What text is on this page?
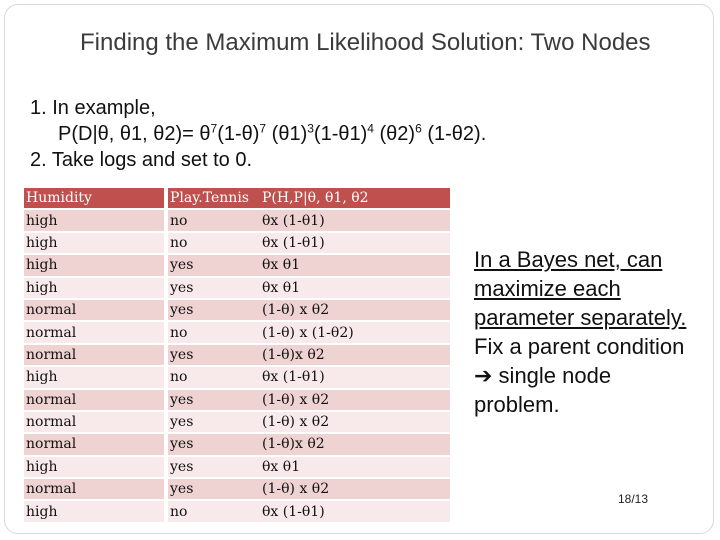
Finding the Maximum Likelihood Solution: Two Nodes
1. In example,
P(D|θ, θ1, $\theta 2)= \theta^7(1-\theta)^7$ $(\theta 1)^3(1-\theta 1)^4$ $(\theta 2)^6$ (1-θ2).
2. Take logs and set to 0.
Humidity		Play.Tennis	P(H,P|θ, θ1, θ2
high		no	θx (1-θ1)
high		no	θx (1-θ1)
high		yes	θx θ1
high		yes	θx θ1
normal		yes	(1-θ) x θ2
normal		no	(1-θ) x (1-θ2)
normal		yes	(1-θ)x θ2
high		no	θx (1-θ1)
normal		yes	(1-θ) x θ2
normal		yes	(1-θ) x θ2
normal		yes	(1-θ)x θ2
high		yes	θx θ1
normal		yes	(1-θ) x θ2
high		no	θx (1-θ1)
In a Bayes net, can maximize each parameter separately.
Fix a parent condition ➔ single node problem.
18/13
